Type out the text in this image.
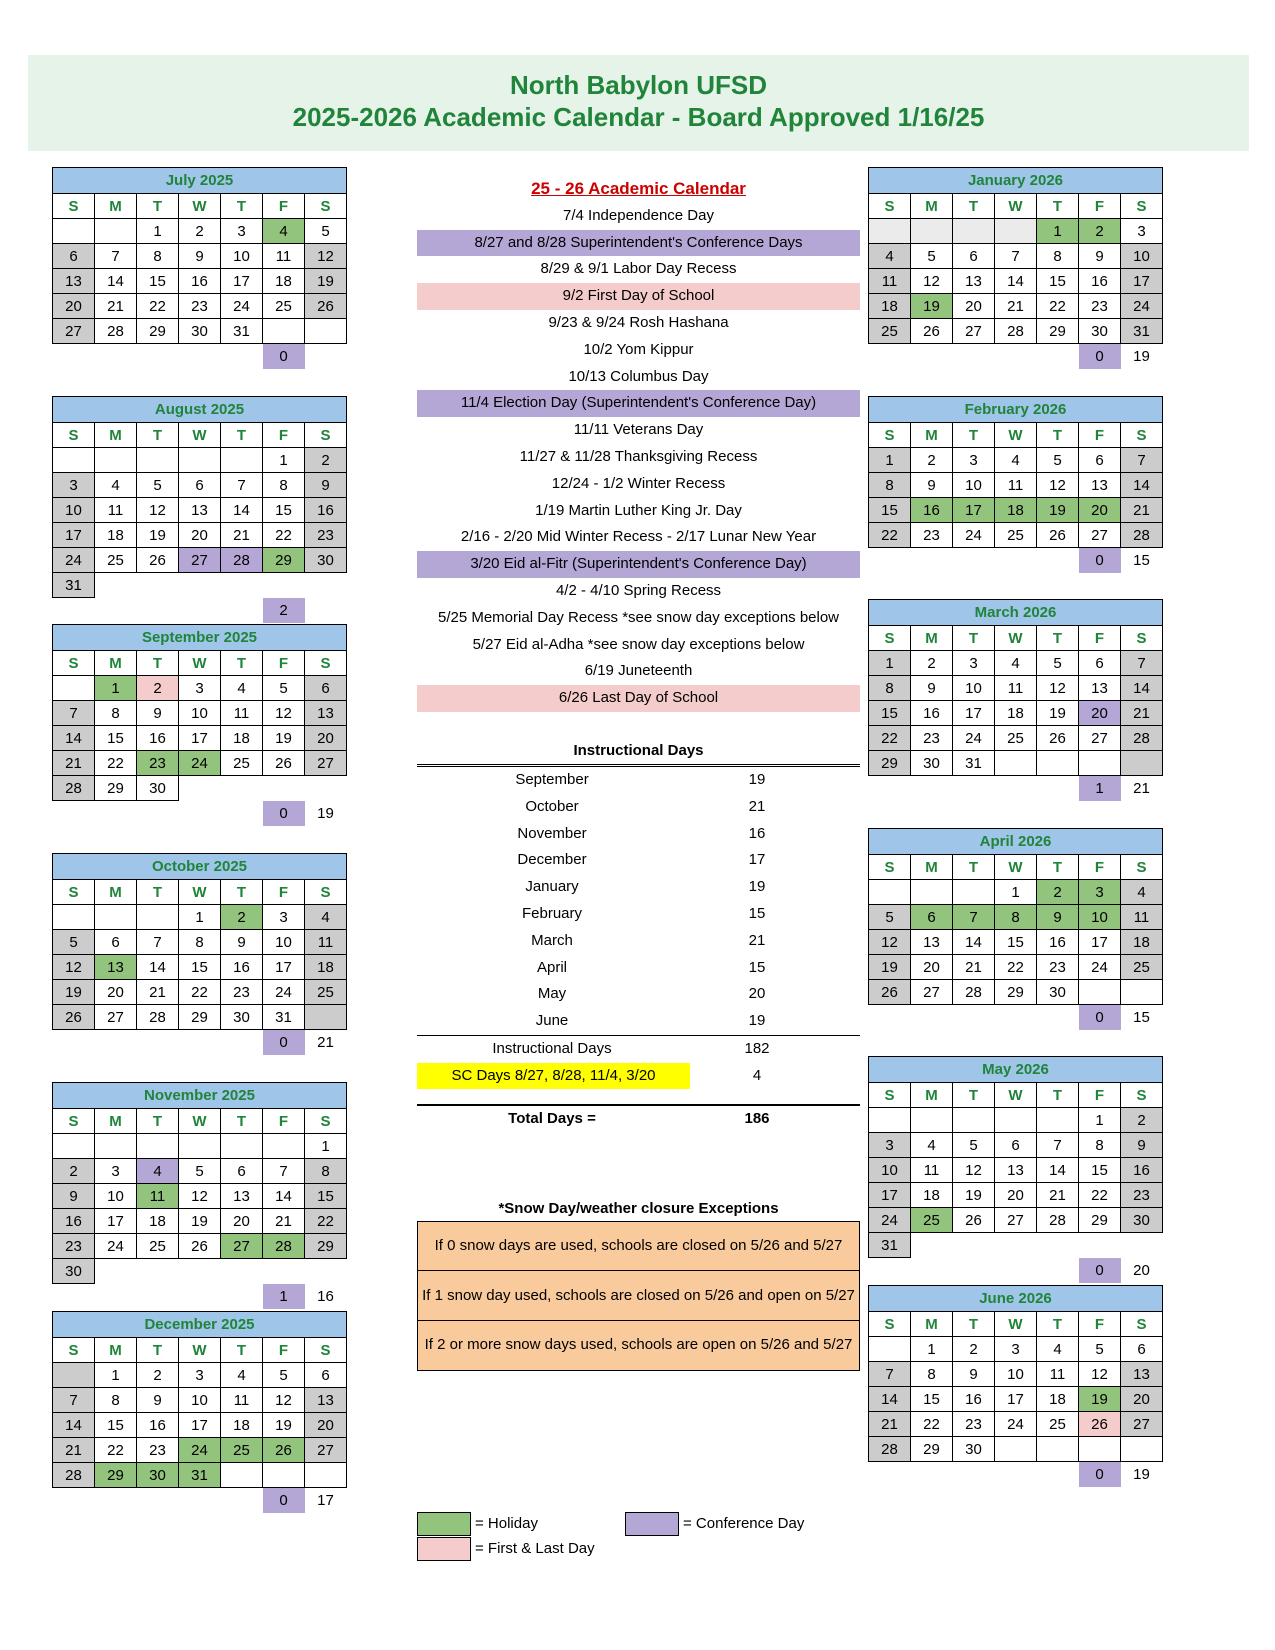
North Babylon UFSD
2025-2026 Academic Calendar - Board Approved 1/16/25
July 2025						
S	M	T	W	T	F	S
		1	2	3	4	5
6	7	8	9	10	11	12
13	14	15	16	17	18	19
20	21	22	23	24	25	26
27	28	29	30	31		
					0	
August 2025						
S	M	T	W	T	F	S
					1	2
3	4	5	6	7	8	9
10	11	12	13	14	15	16
17	18	19	20	21	22	23
24	25	26	27	28	29	30
31						
					2	
September 2025						
S	M	T	W	T	F	S
	1	2	3	4	5	6
7	8	9	10	11	12	13
14	15	16	17	18	19	20
21	22	23	24	25	26	27
28	29	30				
					0	19
October 2025						
S	M	T	W	T	F	S
			1	2	3	4
5	6	7	8	9	10	11
12	13	14	15	16	17	18
19	20	21	22	23	24	25
26	27	28	29	30	31	
					0	21
November 2025						
S	M	T	W	T	F	S
						1
2	3	4	5	6	7	8
9	10	11	12	13	14	15
16	17	18	19	20	21	22
23	24	25	26	27	28	29
30						
					1	16
December 2025						
S	M	T	W	T	F	S
	1	2	3	4	5	6
7	8	9	10	11	12	13
14	15	16	17	18	19	20
21	22	23	24	25	26	27
28	29	30	31			
					0	17
January 2026						
S	M	T	W	T	F	S
				1	2	3
4	5	6	7	8	9	10
11	12	13	14	15	16	17
18	19	20	21	22	23	24
25	26	27	28	29	30	31
					0	19
February 2026						
S	M	T	W	T	F	S
1	2	3	4	5	6	7
8	9	10	11	12	13	14
15	16	17	18	19	20	21
22	23	24	25	26	27	28
					0	15
March 2026						
S	M	T	W	T	F	S
1	2	3	4	5	6	7
8	9	10	11	12	13	14
15	16	17	18	19	20	21
22	23	24	25	26	27	28
29	30	31				
					1	21
April 2026						
S	M	T	W	T	F	S
			1	2	3	4
5	6	7	8	9	10	11
12	13	14	15	16	17	18
19	20	21	22	23	24	25
26	27	28	29	30		
					0	15
May 2026						
S	M	T	W	T	F	S
					1	2
3	4	5	6	7	8	9
10	11	12	13	14	15	16
17	18	19	20	21	22	23
24	25	26	27	28	29	30
31						
					0	20
June 2026						
S	M	T	W	T	F	S
	1	2	3	4	5	6
7	8	9	10	11	12	13
14	15	16	17	18	19	20
21	22	23	24	25	26	27
28	29	30				
					0	19
25 - 26 Academic Calendar
7/4 Independence Day
8/27 and 8/28 Superintendent's Conference Days
8/29 & 9/1 Labor Day Recess
9/2 First Day of School
9/23 & 9/24 Rosh Hashana
10/2 Yom Kippur
10/13 Columbus Day
11/4 Election Day (Superintendent's Conference Day)
11/11 Veterans Day
11/27 & 11/28 Thanksgiving Recess
12/24 - 1/2 Winter Recess
1/19 Martin Luther King Jr. Day
2/16 - 2/20 Mid Winter Recess - 2/17 Lunar New Year
3/20 Eid al-Fitr (Superintendent's Conference Day)
4/2 - 4/10 Spring Recess
5/25 Memorial Day Recess *see snow day exceptions below
5/27 Eid al-Adha *see snow day exceptions below
6/19 Juneteenth
6/26 Last Day of School
Instructional Days
September	19
October	21
November	16
December	17
January	19
February	15
March	21
April	15
May	20
June	19
Instructional Days	182
SC Days 8/27, 8/28, 11/4, 3/20	4
Total Days =	186
*Snow Day/weather closure Exceptions
If 0 snow days are used, schools are closed on 5/26 and 5/27
If 1 snow day used, schools are closed on 5/26 and open on 5/27
If 2 or more snow days used, schools are open on 5/26 and 5/27
= Holiday	= Conference Day
= First & Last Day
